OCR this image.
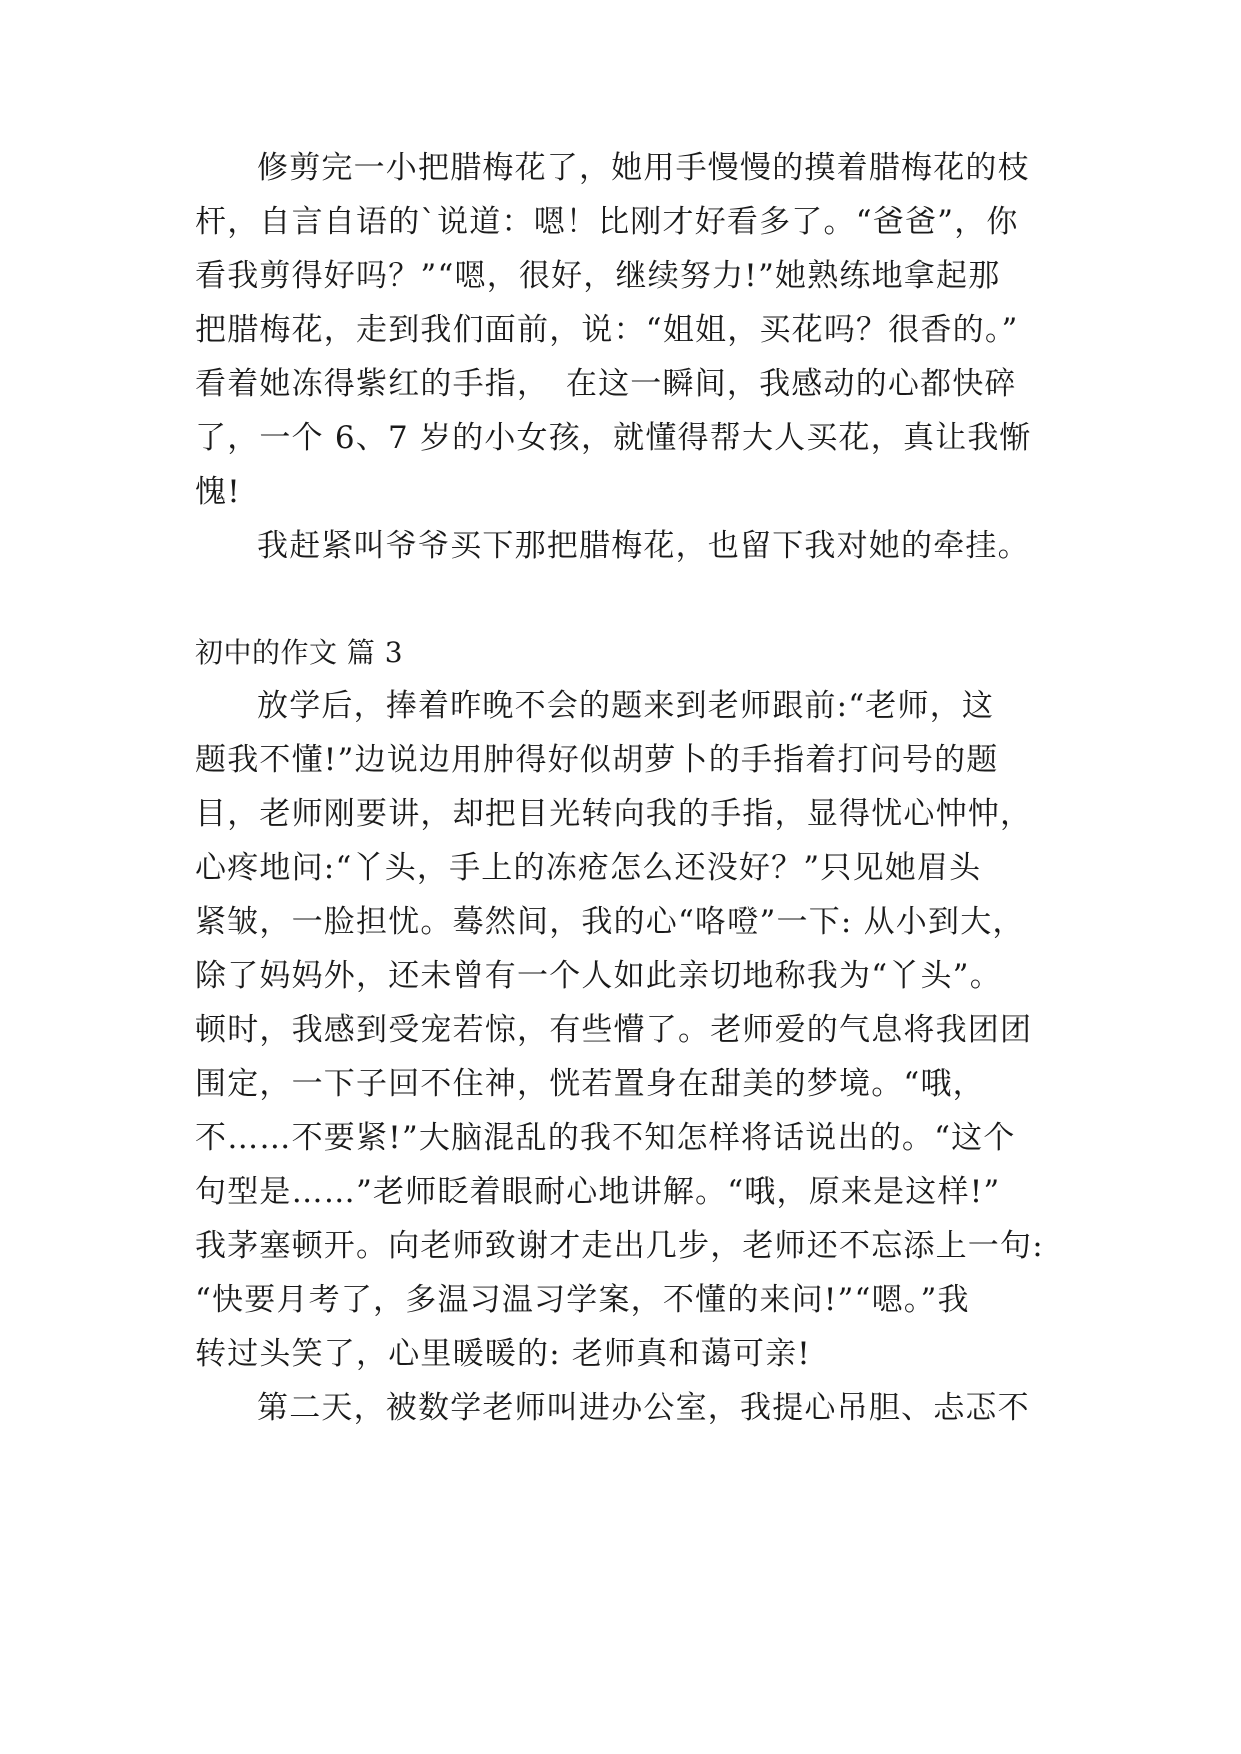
修剪完一小把腊梅花了，她用手慢慢的摸着腊梅花的枝
杆，自言自语的`说道：嗯！比刚才好看多了。“爸爸”，你
看我剪得好吗？”“嗯，很好，继续努力!”她熟练地拿起那
把腊梅花，走到我们面前，说：“姐姐，买花吗？很香的。”
看着她冻得紫红的手指，　在这一瞬间，我感动的心都快碎
了，一个 6、7 岁的小女孩，就懂得帮大人买花，真让我惭
愧!
我赶紧叫爷爷买下那把腊梅花，也留下我对她的牵挂。
初中的作文 篇 3
放学后，捧着昨晚不会的题来到老师跟前:“老师，这
题我不懂!”边说边用肿得好似胡萝卜的手指着打问号的题
目，老师刚要讲，却把目光转向我的手指，显得忧心忡忡，
心疼地问:“丫头，手上的冻疮怎么还没好？”只见她眉头
紧皱，一脸担忧。蓦然间，我的心“咯噔”一下: 从小到大，
除了妈妈外，还未曾有一个人如此亲切地称我为“丫头”。
顿时，我感到受宠若惊，有些懵了。老师爱的气息将我团团
围定，一下子回不住神，恍若置身在甜美的梦境。“哦，
不……不要紧!”大脑混乱的我不知怎样将话说出的。“这个
句型是……”老师眨着眼耐心地讲解。“哦，原来是这样!”
我茅塞顿开。向老师致谢才走出几步，老师还不忘添上一句:
“快要月考了，多温习温习学案，不懂的来问!”“嗯。”我
转过头笑了，心里暖暖的: 老师真和蔼可亲!
第二天，被数学老师叫进办公室，我提心吊胆、忐忑不
